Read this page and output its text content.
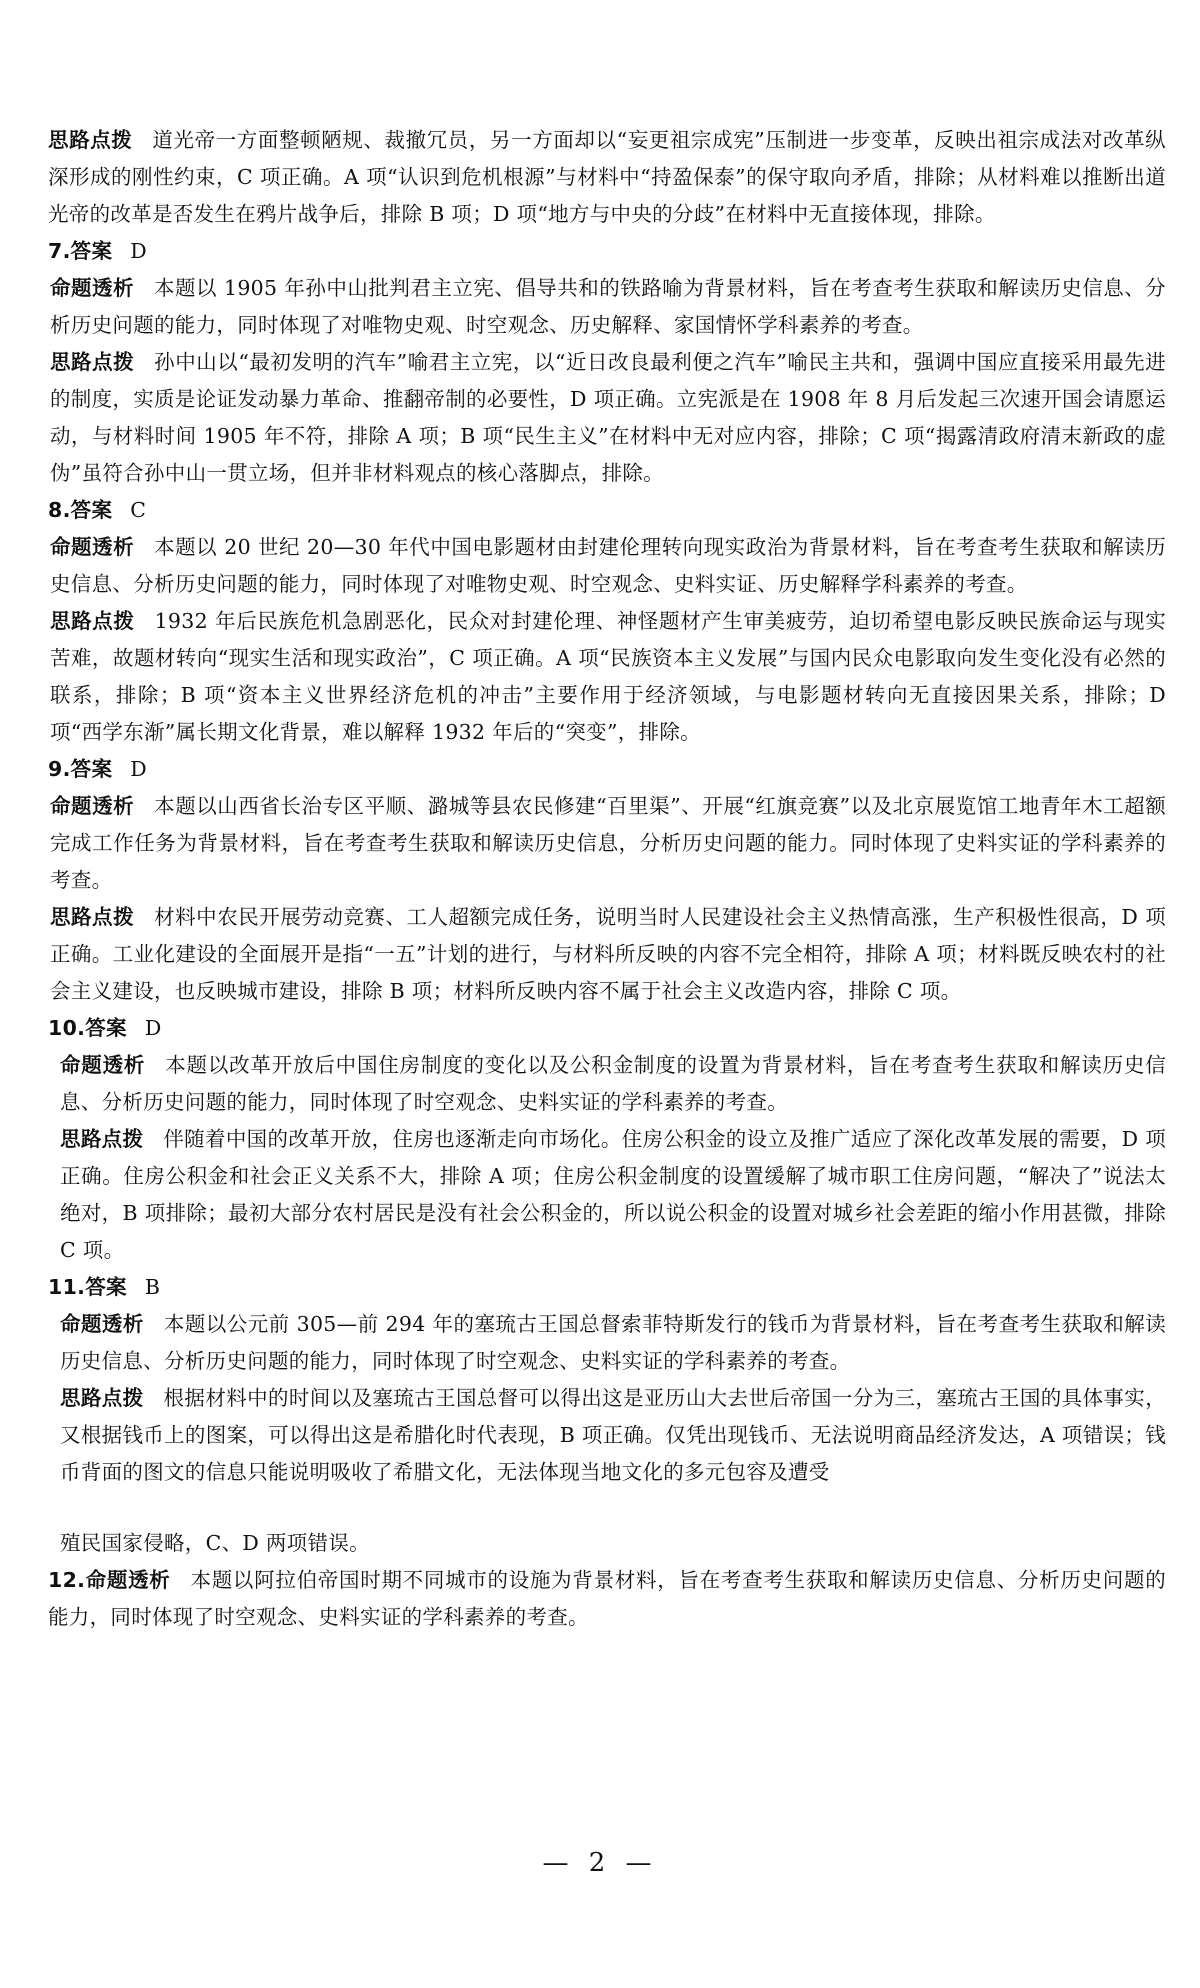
思路点拨 道光帝一方面整顿陋规、裁撤冗员，另一方面却以“妄更祖宗成宪”压制进一步变革，反映出祖宗成法对改革纵深形成的刚性约束，C 项正确。A 项“认识到危机根源”与材料中“持盈保泰”的保守取向矛盾，排除；从材料难以推断出道光帝的改革是否发生在鸦片战争后，排除 B 项；D 项“地方与中央的分歧”在材料中无直接体现，排除。

7.答案 D

命题透析 本题以 1905 年孙中山批判君主立宪、倡导共和的铁路喻为背景材料，旨在考查考生获取和解读历史信息、分析历史问题的能力，同时体现了对唯物史观、时空观念、历史解释、家国情怀学科素养的考查。

思路点拨 孙中山以“最初发明的汽车”喻君主立宪，以“近日改良最利便之汽车”喻民主共和，强调中国应直接采用最先进的制度，实质是论证发动暴力革命、推翻帝制的必要性，D 项正确。立宪派是在 1908 年 8 月后发起三次速开国会请愿运动，与材料时间 1905 年不符，排除 A 项；B 项“民生主义”在材料中无对应内容，排除；C 项“揭露清政府清末新政的虚伪”虽符合孙中山一贯立场，但并非材料观点的核心落脚点，排除。

8.答案 C

命题透析 本题以 20 世纪 20—30 年代中国电影题材由封建伦理转向现实政治为背景材料，旨在考查考生获取和解读历史信息、分析历史问题的能力，同时体现了对唯物史观、时空观念、史料实证、历史解释学科素养的考查。

思路点拨 1932 年后民族危机急剧恶化，民众对封建伦理、神怪题材产生审美疲劳，迫切希望电影反映民族命运与现实苦难，故题材转向“现实生活和现实政治”，C 项正确。A 项“民族资本主义发展”与国内民众电影取向发生变化没有必然的联系，排除；B 项“资本主义世界经济危机的冲击”主要作用于经济领域，与电影题材转向无直接因果关系，排除；D 项“西学东渐”属长期文化背景，难以解释 1932 年后的“突变”，排除。

9.答案 D

命题透析 本题以山西省长治专区平顺、潞城等县农民修建“百里渠”、开展“红旗竞赛”以及北京展览馆工地青年木工超额完成工作任务为背景材料，旨在考查考生获取和解读历史信息，分析历史问题的能力。同时体现了史料实证的学科素养的考查。

思路点拨 材料中农民开展劳动竞赛、工人超额完成任务，说明当时人民建设社会主义热情高涨，生产积极性很高，D 项正确。工业化建设的全面展开是指“一五”计划的进行，与材料所反映的内容不完全相符，排除 A 项；材料既反映农村的社会主义建设，也反映城市建设，排除 B 项；材料所反映内容不属于社会主义改造内容，排除 C 项。

10.答案 D

命题透析 本题以改革开放后中国住房制度的变化以及公积金制度的设置为背景材料，旨在考查考生获取和解读历史信息、分析历史问题的能力，同时体现了时空观念、史料实证的学科素养的考查。

思路点拨 伴随着中国的改革开放，住房也逐渐走向市场化。住房公积金的设立及推广适应了深化改革发展的需要，D 项正确。住房公积金和社会正义关系不大，排除 A 项；住房公积金制度的设置缓解了城市职工住房问题，“解决了”说法太绝对，B 项排除；最初大部分农村居民是没有社会公积金的，所以说公积金的设置对城乡社会差距的缩小作用甚微，排除 C 项。

11.答案 B

命题透析 本题以公元前 305—前 294 年的塞琉古王国总督索菲特斯发行的钱币为背景材料，旨在考查考生获取和解读历史信息、分析历史问题的能力，同时体现了时空观念、史料实证的学科素养的考查。

思路点拨 根据材料中的时间以及塞琉古王国总督可以得出这是亚历山大去世后帝国一分为三，塞琉古王国的具体事实，又根据钱币上的图案，可以得出这是希腊化时代表现，B 项正确。仅凭出现钱币、无法说明商品经济发达，A 项错误；钱币背面的图文的信息只能说明吸收了希腊文化，无法体现当地文化的多元包容及遭受

殖民国家侵略，C、D 两项错误。

12.命题透析 本题以阿拉伯帝国时期不同城市的设施为背景材料，旨在考查考生获取和解读历史信息、分析历史问题的能力，同时体现了时空观念、史料实证的学科素养的考查。

— 2 —
